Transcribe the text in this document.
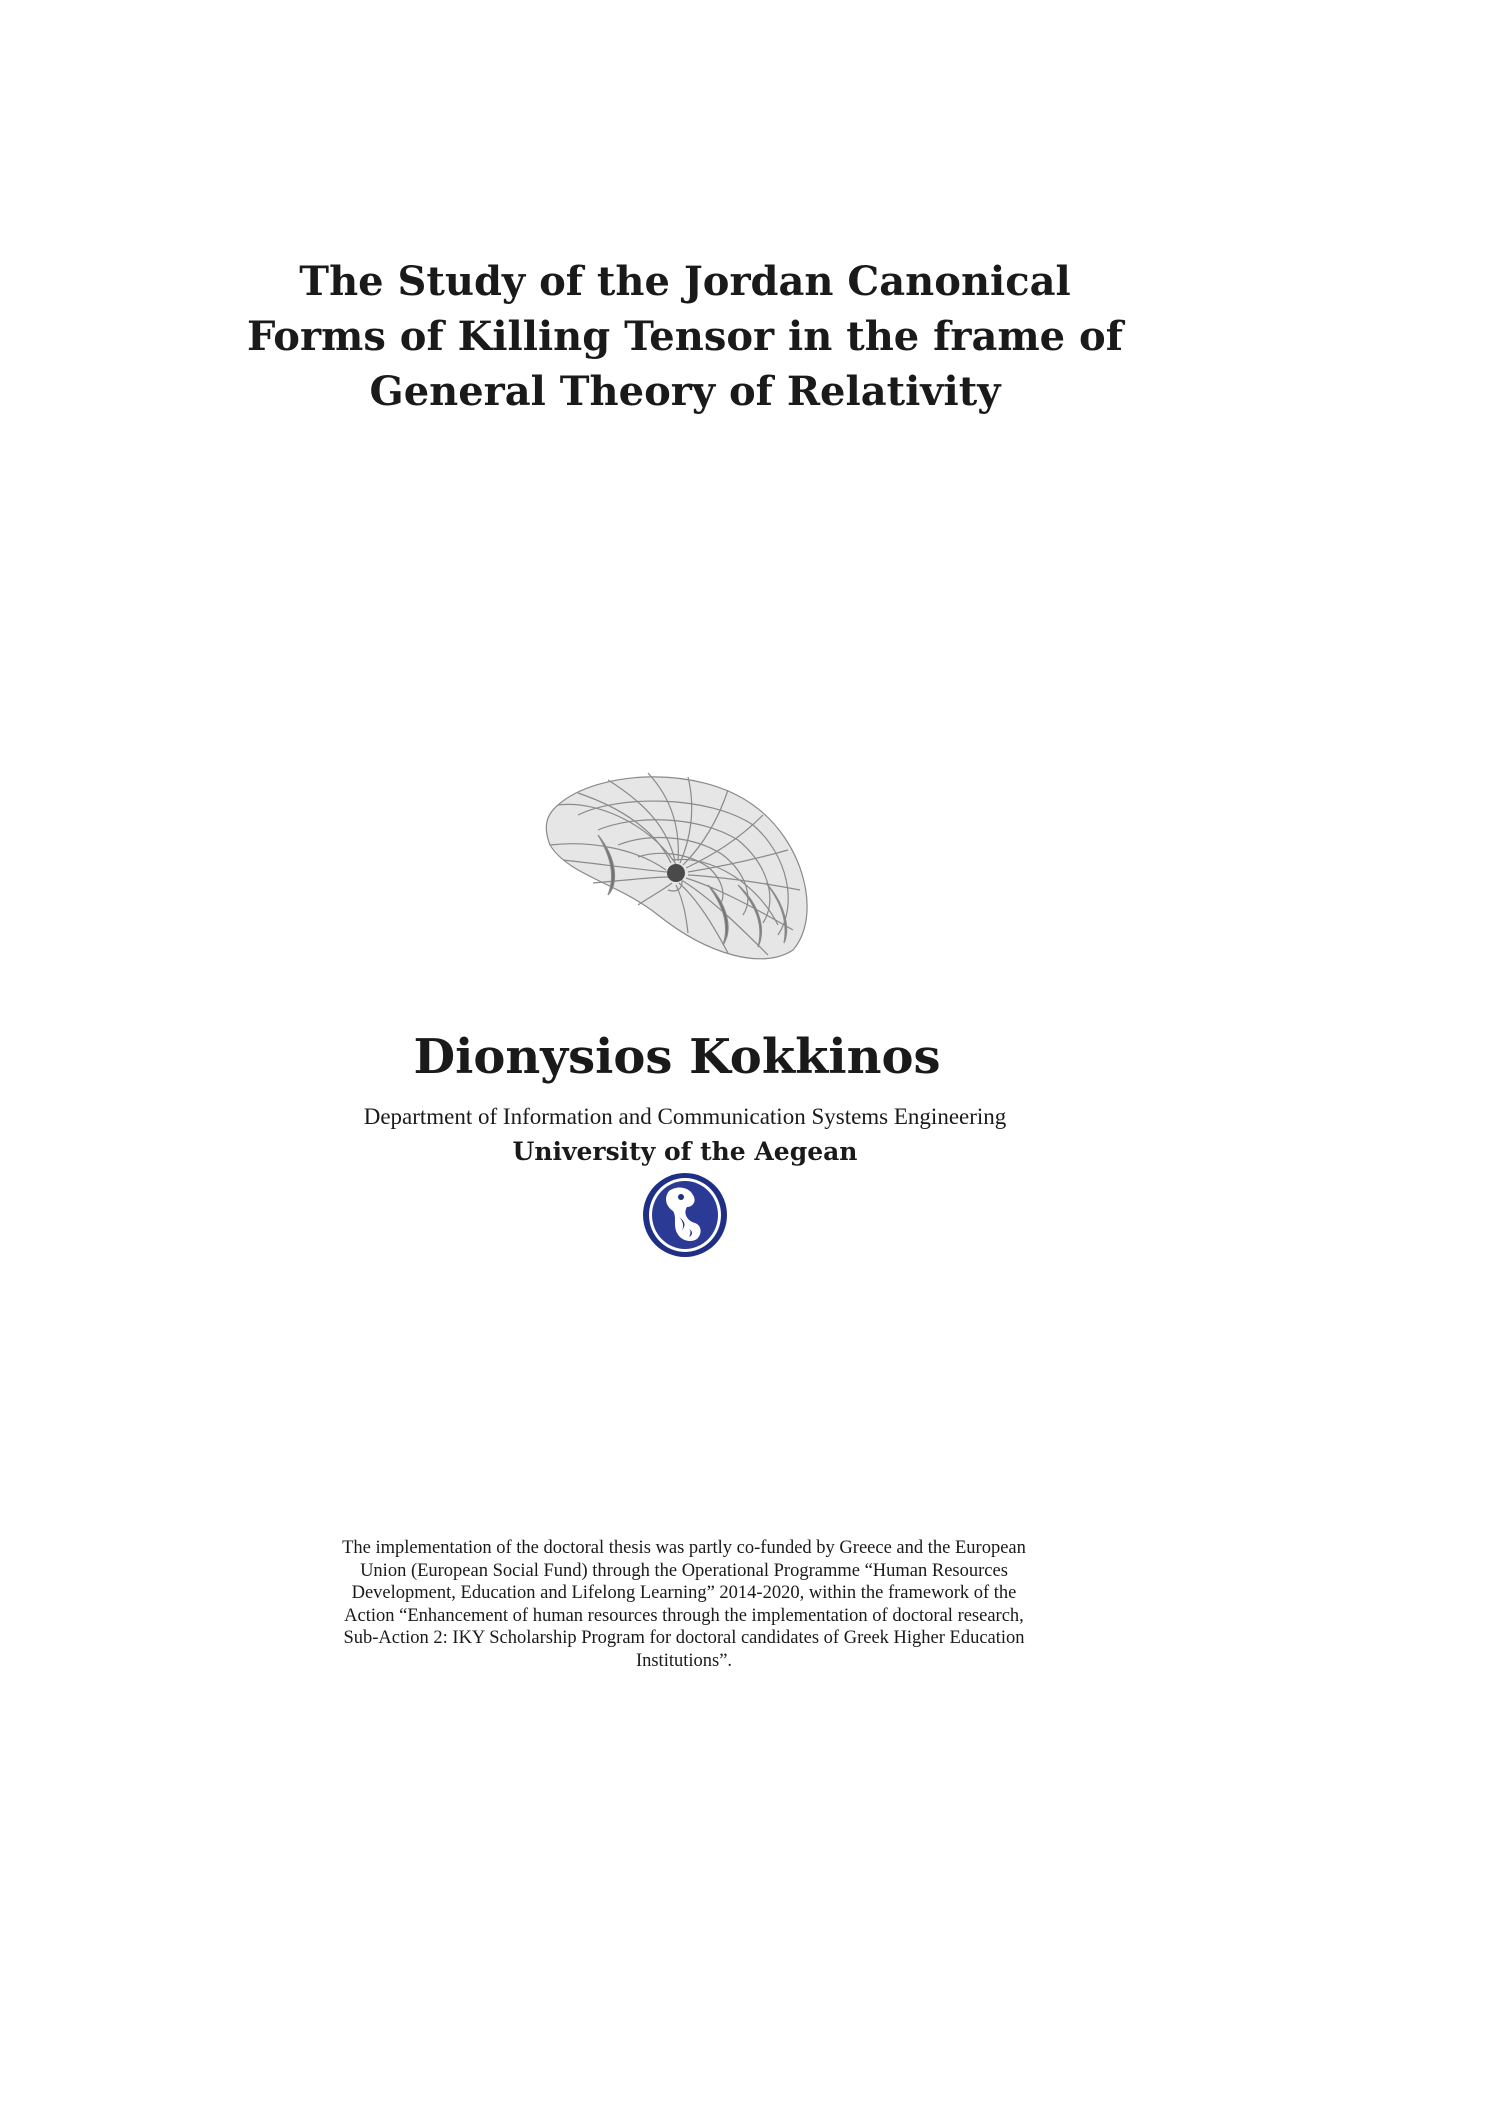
The Study of the Jordan Canonical
Forms of Killing Tensor in the frame of
General Theory of Relativity
Dionysios Kokkinos
Department of Information and Communication Systems Engineering
University of the Aegean
The implementation of the doctoral thesis was partly co-funded by Greece and the European
Union (European Social Fund) through the Operational Programme “Human Resources
Development, Education and Lifelong Learning” 2014-2020, within the framework of the
Action “Enhancement of human resources through the implementation of doctoral research,
Sub-Action 2: IKY Scholarship Program for doctoral candidates of Greek Higher Education
Institutions”.
